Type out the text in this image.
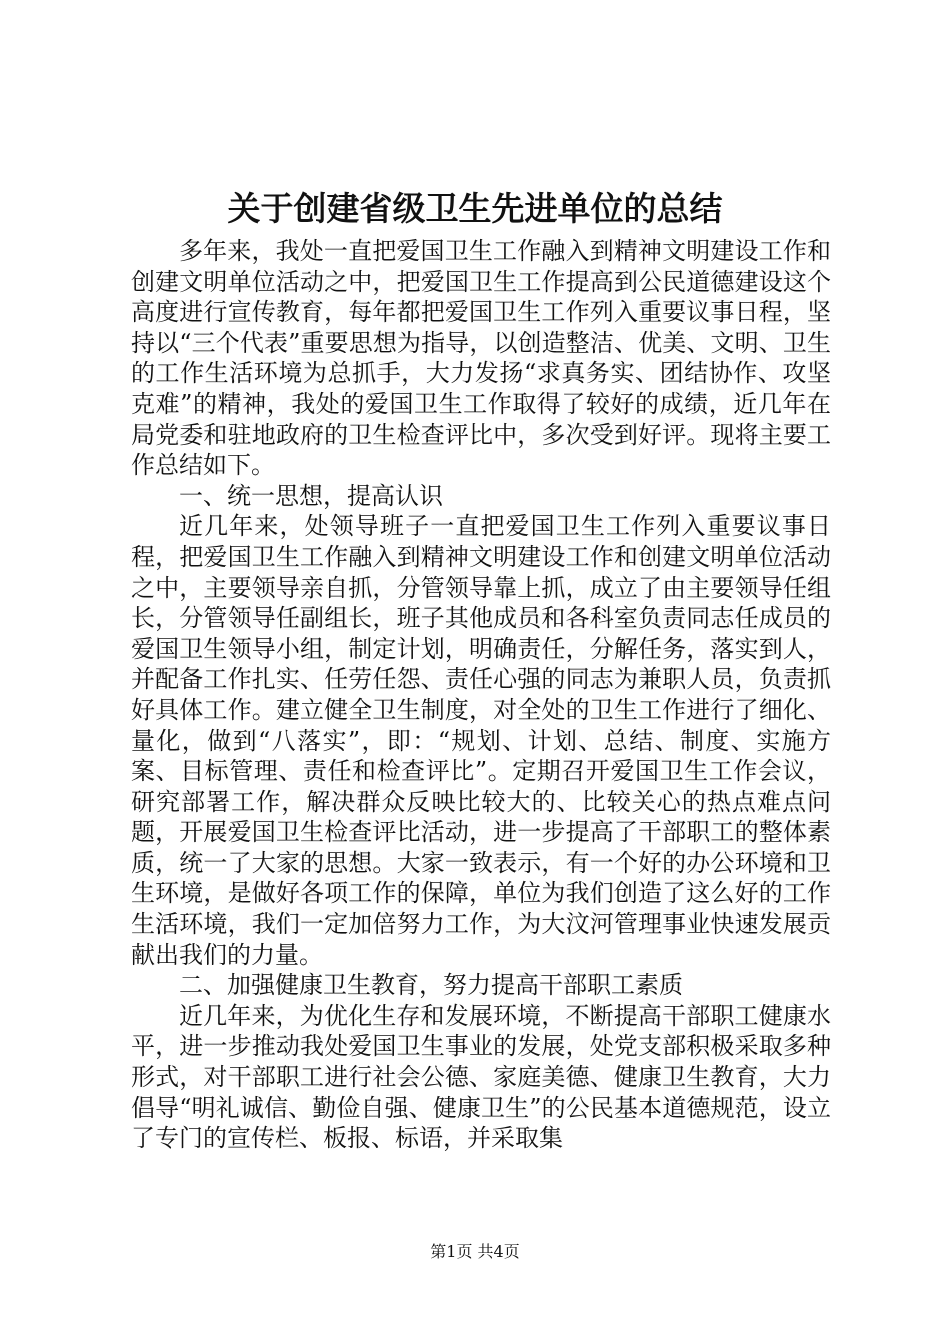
关于创建省级卫生先进单位的总结

多年来，我处一直把爱国卫生工作融入到精神文明建设工作和创建文明单位活动之中，把爱国卫生工作提高到公民道德建设这个高度进行宣传教育，每年都把爱国卫生工作列入重要议事日程，坚持以“三个代表”重要思想为指导，以创造整洁、优美、文明、卫生的工作生活环境为总抓手，大力发扬“求真务实、团结协作、攻坚克难”的精神，我处的爱国卫生工作取得了较好的成绩，近几年在局党委和驻地政府的卫生检查评比中，多次受到好评。现将主要工作总结如下。

一、统一思想，提高认识

近几年来，处领导班子一直把爱国卫生工作列入重要议事日程，把爱国卫生工作融入到精神文明建设工作和创建文明单位活动之中，主要领导亲自抓，分管领导靠上抓，成立了由主要领导任组长，分管领导任副组长，班子其他成员和各科室负责同志任成员的爱国卫生领导小组，制定计划，明确责任，分解任务，落实到人，并配备工作扎实、任劳任怨、责任心强的同志为兼职人员，负责抓好具体工作。建立健全卫生制度，对全处的卫生工作进行了细化、量化，做到“八落实”，即：“规划、计划、总结、制度、实施方案、目标管理、责任和检查评比”。定期召开爱国卫生工作会议，研究部署工作，解决群众反映比较大的、比较关心的热点难点问题，开展爱国卫生检查评比活动，进一步提高了干部职工的整体素质，统一了大家的思想。大家一致表示，有一个好的办公环境和卫生环境，是做好各项工作的保障，单位为我们创造了这么好的工作生活环境，我们一定加倍努力工作，为大汶河管理事业快速发展贡献出我们的力量。

二、加强健康卫生教育，努力提高干部职工素质

近几年来，为优化生存和发展环境，不断提高干部职工健康水平，进一步推动我处爱国卫生事业的发展，处党支部积极采取多种形式，对干部职工进行社会公德、家庭美德、健康卫生教育，大力倡导“明礼诚信、勤俭自强、健康卫生”的公民基本道德规范，设立了专门的宣传栏、板报、标语，并采取集

第1页 共4页
